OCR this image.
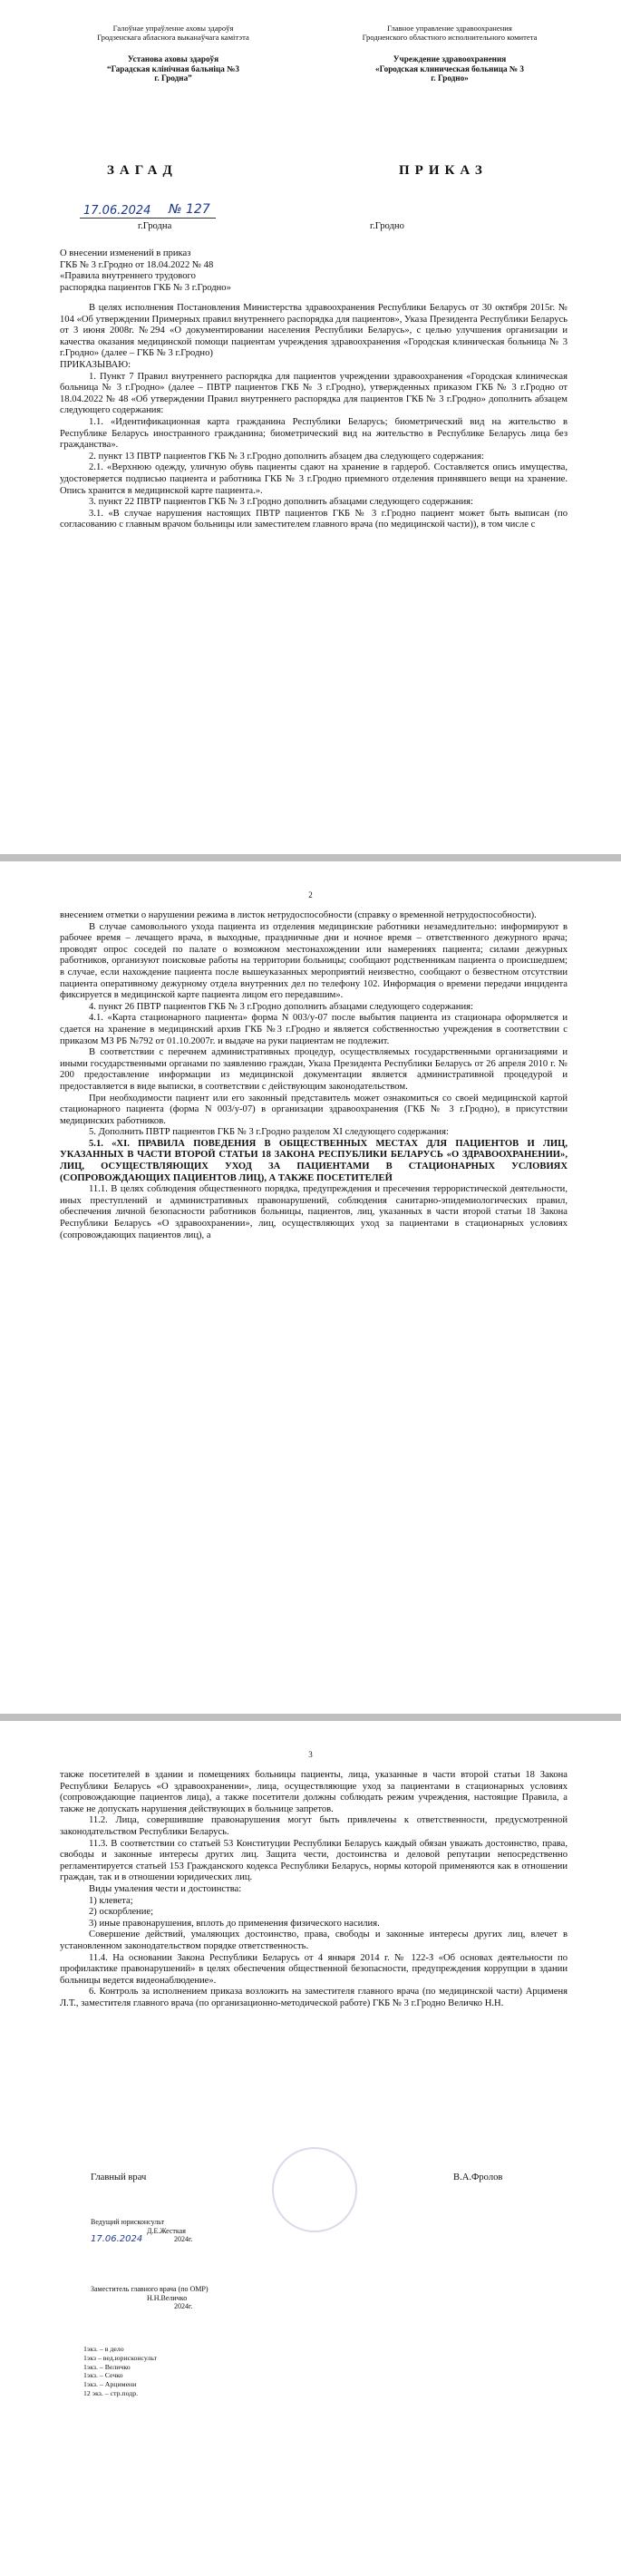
Галоўнае упраўленне аховы здароўя
Гродзенскага абласнога выканаўчага камітэта
Установа аховы здароўя
“Гарадская клінічная бальніца №3
г. Гродна”
Главное управление здравоохранения
Гродненского областного исполнительного комитета
Учреждение здравоохранения
«Городская клиническая больница № 3
г. Гродно»
ЗАГАД	ПРИКАЗ
17.06.2024 № 127
г.Гродна	г.Гродно
О внесении изменений в приказ
ГКБ № 3 г.Гродно от 18.04.2022 № 48
«Правила внутреннего трудового
распорядка пациентов ГКБ № 3 г.Гродно»

В целях исполнения Постановления Министерства здравоохранения Республики Беларусь от 30 октября 2015г. № 104 «Об утверждении Примерных правил внутреннего распорядка для пациентов», Указа Президента Республики Беларусь от 3 июня 2008г. №294 «О документировании населения Республики Беларусь», с целью улучшения организации и качества оказания медицинской помощи пациентам учреждения здравоохранения «Городская клиническая больница № 3 г.Гродно» (далее – ГКБ № 3 г.Гродно)

ПРИКАЗЫВАЮ:

1. Пункт 7 Правил внутреннего распорядка для пациентов учреждении здравоохранения «Городская клиническая больница № 3 г.Гродно» (далее – ПВТР пациентов ГКБ № 3 г.Гродно), утвержденных приказом ГКБ № 3 г.Гродно от 18.04.2022 № 48 «Об утверждении Правил внутреннего распорядка для пациентов ГКБ № 3 г.Гродно» дополнить абзацем следующего содержания:

1.1. «Идентификационная карта гражданина Республики Беларусь; биометрический вид на жительство в Республике Беларусь иностранного гражданина; биометрический вид на жительство в Республике Беларусь лица без гражданства».

2. пункт 13 ПВТР пациентов ГКБ № 3 г.Гродно дополнить абзацем два следующего содержания:

2.1. «Верхнюю одежду, уличную обувь пациенты сдают на хранение в гардероб. Составляется опись имущества, удостоверяется подписью пациента и работника ГКБ № 3 г.Гродно приемного отделения принявшего вещи на хранение. Опись хранится в медицинской карте пациента.».

3. пункт 22 ПВТР пациентов ГКБ № 3 г.Гродно дополнить абзацами следующего содержания:

3.1. «В случае нарушения настоящих ПВТР пациентов ГКБ № 3 г.Гродно пациент может быть выписан (по согласованию с главным врачом больницы или заместителем главного врача (по медицинской части)), в том числе с

2

внесением отметки о нарушении режима в листок нетрудоспособности (справку о временной нетрудоспособности).

В случае самовольного ухода пациента из отделения медицинские работники незамедлительно: информируют в рабочее время – лечащего врача, в выходные, праздничные дни и ночное время – ответственного дежурного врача; проводят опрос соседей по палате о возможном местонахождении или намерениях пациента; силами дежурных работников, организуют поисковые работы на территории больницы; сообщают родственникам пациента о происшедшем; в случае, если нахождение пациента после вышеуказанных мероприятий неизвестно, сообщают о безвестном отсутствии пациента оперативному дежурному отдела внутренних дел по телефону 102. Информация о времени передачи инцидента фиксируется в медицинской карте пациента лицом его передавшим».

4. пункт 26 ПВТР пациентов ГКБ № 3 г.Гродно дополнить абзацами следующего содержания:

4.1. «Карта стационарного пациента» форма N 003/у-07 после выбытия пациента из стационара оформляется и сдается на хранение в медицинский архив ГКБ №3 г.Гродно и является собственностью учреждения в соответствии с приказом МЗ РБ №792 от 01.10.2007г. и выдаче на руки пациентам не подлежит.

В соответствии с перечнем административных процедур, осуществляемых государственными организациями и иными государственными органами по заявлению граждан, Указа Президента Республики Беларусь от 26 апреля 2010 г. № 200 предоставление информации из медицинской документации является административной процедурой и предоставляется в виде выписки, в соответствии с действующим законодательством.

При необходимости пациент или его законный представитель может ознакомиться со своей медицинской картой стационарного пациента (форма N 003/у-07) в организации здравоохранения (ГКБ № 3 г.Гродно), в присутствии медицинских работников.

5. Дополнить ПВТР пациентов ГКБ № 3 г.Гродно разделом XI следующего содержания:

5.1. «XI. ПРАВИЛА ПОВЕДЕНИЯ В ОБЩЕСТВЕННЫХ МЕСТАХ ДЛЯ ПАЦИЕНТОВ И ЛИЦ, УКАЗАННЫХ В ЧАСТИ ВТОРОЙ СТАТЬИ 18 ЗАКОНА РЕСПУБЛИКИ БЕЛАРУСЬ «О ЗДРАВООХРАНЕНИИ», ЛИЦ, ОСУЩЕСТВЛЯЮЩИХ УХОД ЗА ПАЦИЕНТАМИ В СТАЦИОНАРНЫХ УСЛОВИЯХ (СОПРОВОЖДАЮЩИХ ПАЦИЕНТОВ ЛИЦ), А ТАКЖЕ ПОСЕТИТЕЛЕЙ

11.1. В целях соблюдения общественного порядка, предупреждения и пресечения террористической деятельности, иных преступлений и административных правонарушений, соблюдения санитарно-эпидемиологических правил, обеспечения личной безопасности работников больницы, пациентов, лиц, указанных в части второй статьи 18 Закона Республики Беларусь «О здравоохранении», лиц, осуществляющих уход за пациентами в стационарных условиях (сопровождающих пациентов лиц), а

3

также посетителей в здании и помещениях больницы пациенты, лица, указанные в части второй статьи 18 Закона Республики Беларусь «О здравоохранении», лица, осуществляющие уход за пациентами в стационарных условиях (сопровождающие пациентов лица), а также посетители должны соблюдать режим учреждения, настоящие Правила, а также не допускать нарушения действующих в больнице запретов.

11.2. Лица, совершившие правонарушения могут быть привлечены к ответственности, предусмотренной законодательством Республики Беларусь.

11.3. В соответствии со статьей 53 Конституции Республики Беларусь каждый обязан уважать достоинство, права, свободы и законные интересы других лиц. Защита чести, достоинства и деловой репутации непосредственно регламентируется статьей 153 Гражданского кодекса Республики Беларусь, нормы которой применяются как в отношении граждан, так и в отношении юридических лиц.

Виды умаления чести и достоинства:

1) клевета;

2) оскорбление;

3) иные правонарушения, вплоть до применения физического насилия.

Совершение действий, умаляющих достоинство, права, свободы и законные интересы других лиц, влечет в установленном законодательством порядке ответственность.

11.4. На основании Закона Республики Беларусь от 4 января 2014 г. № 122-З «Об основах деятельности по профилактике правонарушений» в целях обеспечения общественной безопасности, предупреждения коррупции в здании больницы ведется видеонаблюдение».

6. Контроль за исполнением приказа возложить на заместителя главного врача (по медицинской части) Арцименя Л.Т., заместителя главного врача (по организационно-методической работе) ГКБ № 3 г.Гродно Величко Н.Н.

Главный врач	В.А.Фролов
Ведущий юрисконсульт
Д.Е.Жесткая
2024г.
17.06.2024
Заместитель главного врача (по ОМР)
Н.Н.Величко
2024г.
1экз. – в дело
1экз – вед.юрисконсульт
1экз. – Величко
1экз. – Сечко
1экз. – Арцимени
12 экз. – стр.подр.
